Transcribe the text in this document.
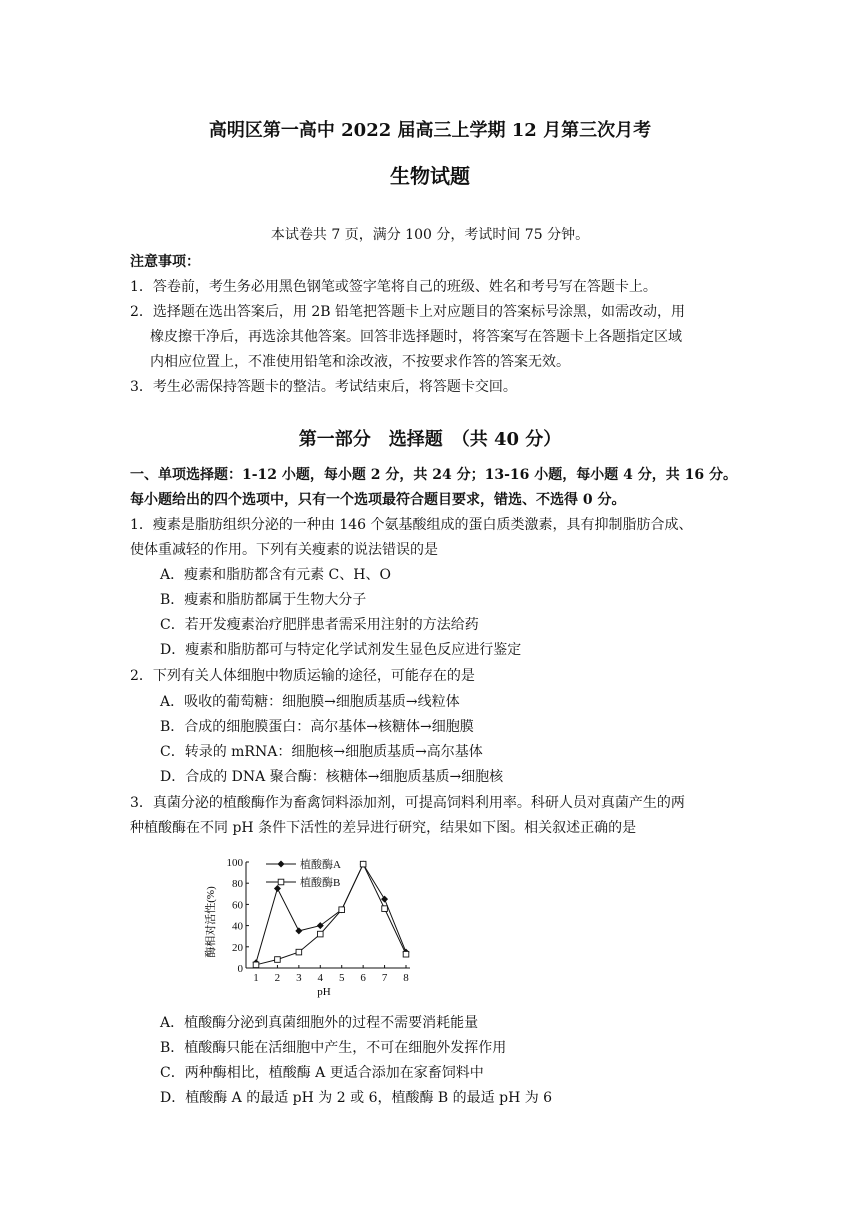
高明区第一高中 2022 届高三上学期 12 月第三次月考
生物试题
本试卷共 7 页，满分 100 分，考试时间 75 分钟。
注意事项：
1．答卷前，考生务必用黑色钢笔或签字笔将自己的班级、姓名和考号写在答题卡上。
2．选择题在选出答案后，用 2B 铅笔把答题卡上对应题目的答案标号涂黑，如需改动，用
橡皮擦干净后，再选涂其他答案。回答非选择题时，将答案写在答题卡上各题指定区域
内相应位置上，不准使用铅笔和涂改液，不按要求作答的答案无效。
3．考生必需保持答题卡的整洁。考试结束后，将答题卡交回。
第一部分　选择题　（共 40 分）
一、单项选择题：1-12 小题，每小题 2 分，共 24 分；13-16 小题，每小题 4 分，共 16 分。
每小题给出的四个选项中，只有一个选项最符合题目要求，错选、不选得 0 分。
1．瘦素是脂肪组织分泌的一种由 146 个氨基酸组成的蛋白质类激素，具有抑制脂肪合成、
使体重减轻的作用。下列有关瘦素的说法错误的是
A．瘦素和脂肪都含有元素 C、H、O
B．瘦素和脂肪都属于生物大分子
C．若开发瘦素治疗肥胖患者需采用注射的方法给药
D．瘦素和脂肪都可与特定化学试剂发生显色反应进行鉴定
2．下列有关人体细胞中物质运输的途径，可能存在的是
A．吸收的葡萄糖：细胞膜→细胞质基质→线粒体
B．合成的细胞膜蛋白：高尔基体→核糖体→细胞膜
C．转录的 mRNA：细胞核→细胞质基质→高尔基体
D．合成的 DNA 聚合酶：核糖体→细胞质基质→细胞核
3．真菌分泌的植酸酶作为畜禽饲料添加剂，可提高饲料利用率。科研人员对真菌产生的两
种植酸酶在不同 pH 条件下活性的差异进行研究，结果如下图。相关叙述正确的是
0
20
40
60
80
100
1 2 3 4 5 6 7 8
植酸酶A
植酸酶B
酶相对活性(%)
pH
A．植酸酶分泌到真菌细胞外的过程不需要消耗能量
B．植酸酶只能在活细胞中产生，不可在细胞外发挥作用
C．两种酶相比，植酸酶 A 更适合添加在家畜饲料中
D．植酸酶 A 的最适 pH 为 2 或 6，植酸酶 B 的最适 pH 为 6
